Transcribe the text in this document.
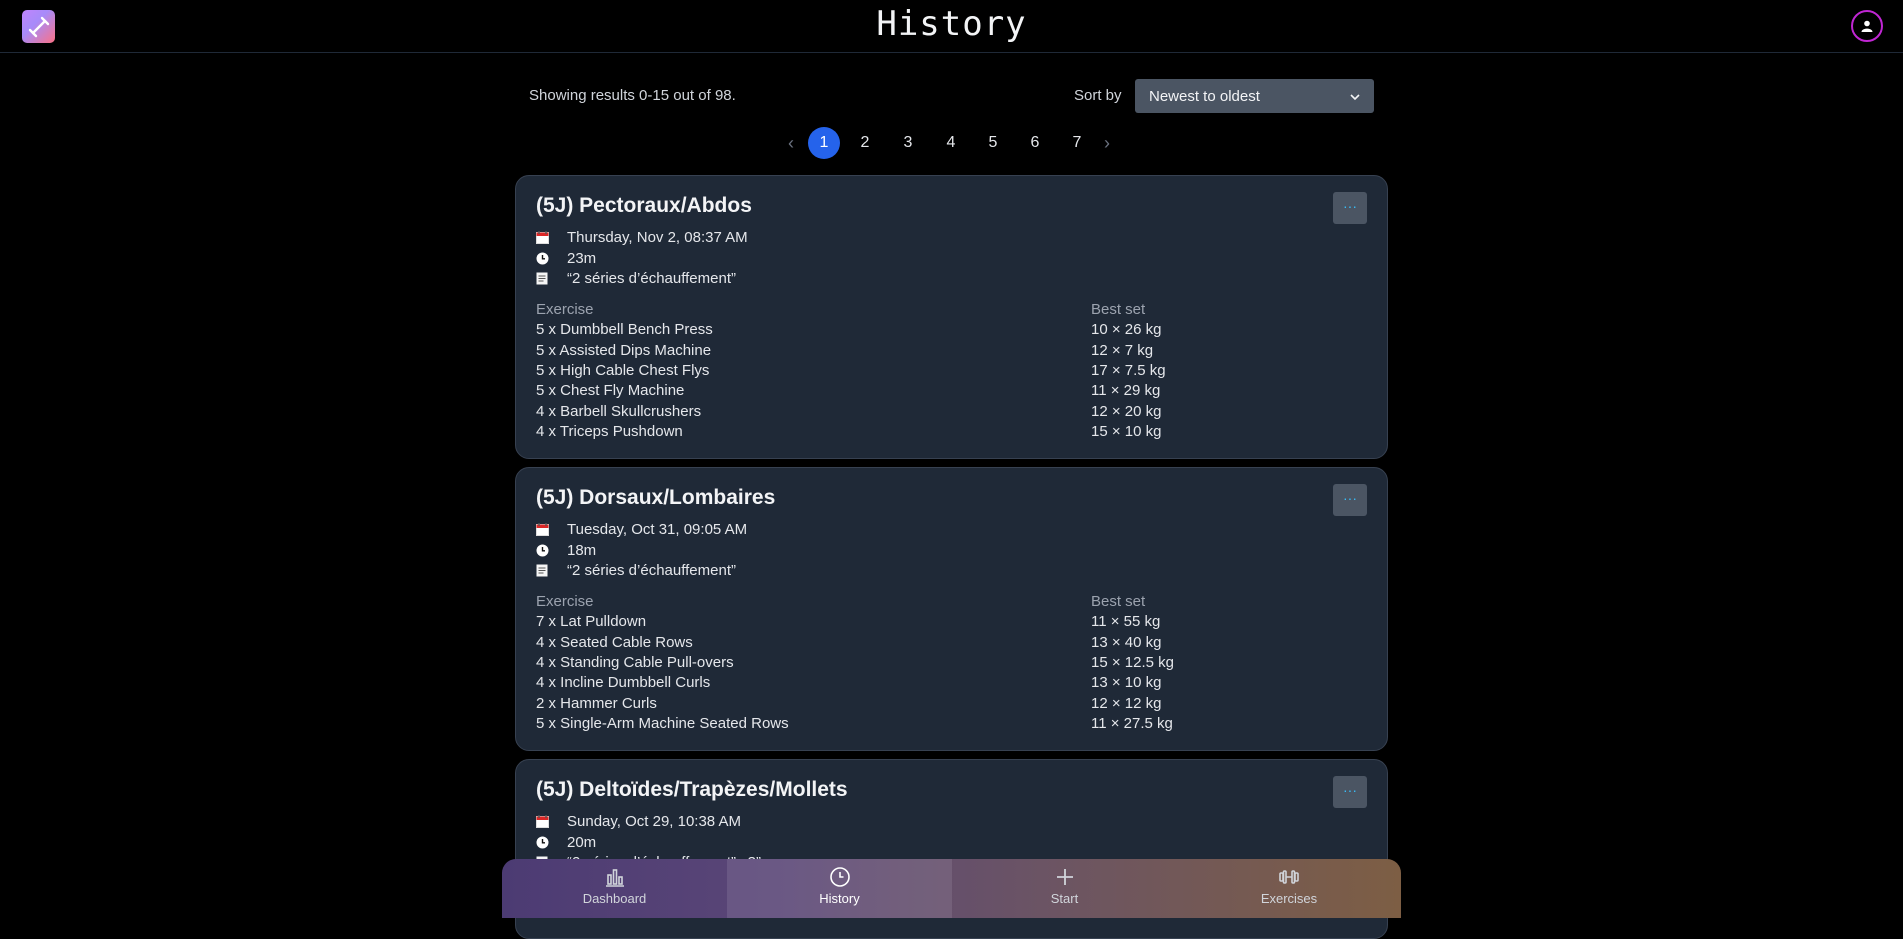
History
Showing results 0-15 out of 98.	Sort by Newest to oldest
‹	1	2	3	4	5	6	7	›
(5J) Pectoraux/Abdos	···
Thursday, Nov 2, 08:37 AM
23m
“2 séries d’échauffement”
Exercise	Best set
5 x Dumbbell Bench Press	10 × 26 kg
5 x Assisted Dips Machine	12 × 7 kg
5 x High Cable Chest Flys	17 × 7.5 kg
5 x Chest Fly Machine	11 × 29 kg
4 x Barbell Skullcrushers	12 × 20 kg
4 x Triceps Pushdown	15 × 10 kg
(5J) Dorsaux/Lombaires	···
Tuesday, Oct 31, 09:05 AM
18m
“2 séries d’échauffement”
Exercise	Best set
7 x Lat Pulldown	11 × 55 kg
4 x Seated Cable Rows	13 × 40 kg
4 x Standing Cable Pull-overs	15 × 12.5 kg
4 x Incline Dumbbell Curls	13 × 10 kg
2 x Hammer Curls	12 × 12 kg
5 x Single-Arm Machine Seated Rows	11 × 27.5 kg
(5J) Deltoïdes/Trapèzes/Mollets	···
Sunday, Oct 29, 10:38 AM
20m
Dashboard	History	Start	Exercises
